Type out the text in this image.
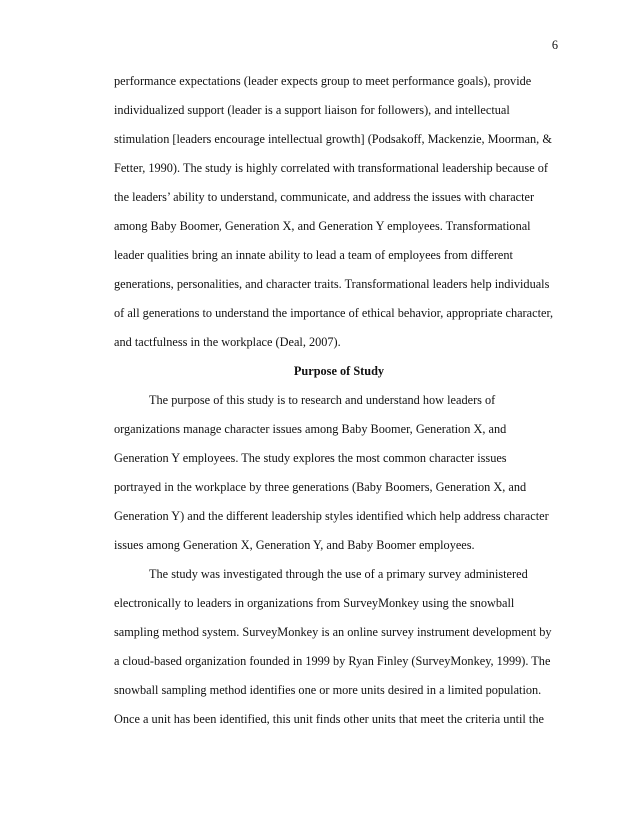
6
performance expectations (leader expects group to meet performance goals), provide
individualized support (leader is a support liaison for followers), and intellectual
stimulation [leaders encourage intellectual growth] (Podsakoff, Mackenzie, Moorman, &
Fetter, 1990). The study is highly correlated with transformational leadership because of
the leaders’ ability to understand, communicate, and address the issues with character
among Baby Boomer, Generation X, and Generation Y employees. Transformational
leader qualities bring an innate ability to lead a team of employees from different
generations, personalities, and character traits. Transformational leaders help individuals
of all generations to understand the importance of ethical behavior, appropriate character,
and tactfulness in the workplace (Deal, 2007).
Purpose of Study
The purpose of this study is to research and understand how leaders of
organizations manage character issues among Baby Boomer, Generation X, and
Generation Y employees. The study explores the most common character issues
portrayed in the workplace by three generations (Baby Boomers, Generation X, and
Generation Y) and the different leadership styles identified which help address character
issues among Generation X, Generation Y, and Baby Boomer employees.
The study was investigated through the use of a primary survey administered
electronically to leaders in organizations from SurveyMonkey using the snowball
sampling method system. SurveyMonkey is an online survey instrument development by
a cloud-based organization founded in 1999 by Ryan Finley (SurveyMonkey, 1999). The
snowball sampling method identifies one or more units desired in a limited population.
Once a unit has been identified, this unit finds other units that meet the criteria until the
